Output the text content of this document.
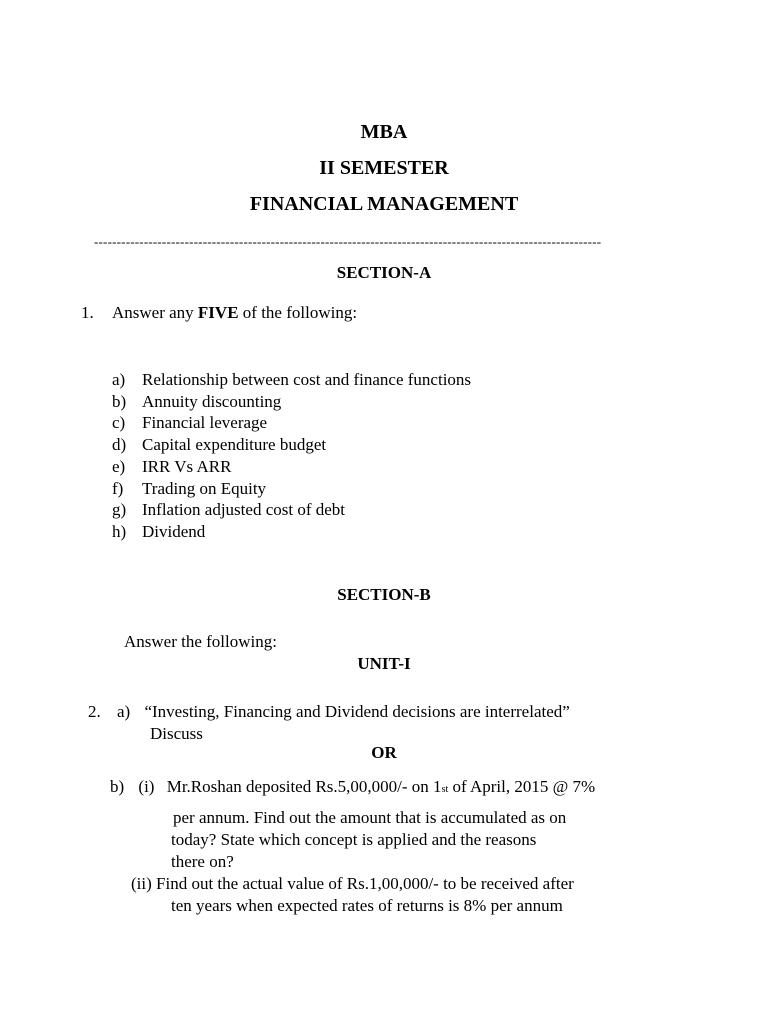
MBA
II SEMESTER
FINANCIAL MANAGEMENT
----------------------------------------------------------------------------------------------------------------
SECTION-A
1. Answer any FIVE of the following:
a) Relationship between cost and finance functions
b) Annuity discounting
c) Financial leverage
d) Capital expenditure budget
e) IRR Vs ARR
f) Trading on Equity
g) Inflation adjusted cost of debt
h) Dividend
SECTION-B
Answer the following:
UNIT-I
2. a) “Investing, Financing and Dividend decisions are interrelated”
Discuss
OR
b) (i) Mr.Roshan deposited Rs.5,00,000/- on 1st of April, 2015 @ 7%
per annum. Find out the amount that is accumulated as on
today? State which concept is applied and the reasons
there on?
(ii) Find out the actual value of Rs.1,00,000/- to be received after
ten years when expected rates of returns is 8% per annum
